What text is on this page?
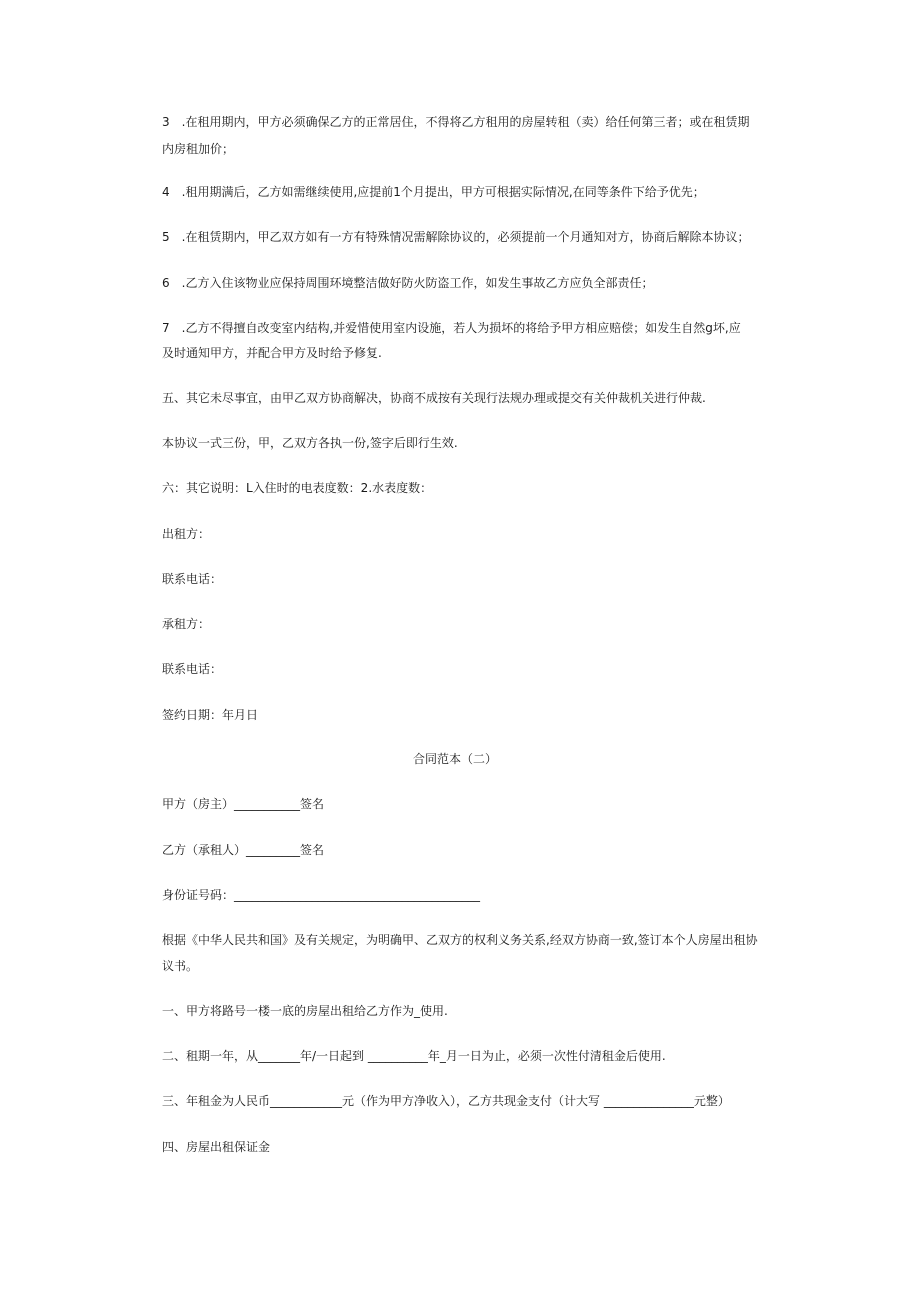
3　.在租用期内，甲方必须确保乙方的正常居住，不得将乙方租用的房屋转租（卖）给任何第三者；或在租赁期
内房租加价；
4　.租用期满后，乙方如需继续使用,应提前1个月提出，甲方可根据实际情况,在同等条件下给予优先；
5　.在租赁期内，甲乙双方如有一方有特殊情况需解除协议的，必须提前一个月通知对方，协商后解除本协议；
6　.乙方入住该物业应保持周围环境整洁做好防火防盗工作，如发生事故乙方应负全部责任；
7　.乙方不得擅自改变室内结构,并爱惜使用室内设施，若人为损坏的将给予甲方相应赔偿；如发生自然g坏,应
及时通知甲方，并配合甲方及时给予修复.
五、其它未尽事宜，由甲乙双方协商解决，协商不成按有关现行法规办理或提交有关仲裁机关进行仲裁.
本协议一式三份，甲，乙双方各执一份,签字后即行生效.
六：其它说明：L入住时的电表度数：2.水表度数：
出租方：
联系电话：
承租方：
联系电话：
签约日期：年月日
合同范本（二）
甲方（房主）___________签名
乙方（承租人）_________签名
身份证号码：_________________________________________
根据《中华人民共和国》及有关规定，为明确甲、乙双方的权利义务关系,经双方协商一致,签订本个人房屋出租协
议书。
一、甲方将路号一楼一底的房屋出租给乙方作为_使用.
二、租期一年，从_______年/一日起到 __________年_月一日为止，必须一次性付清租金后使用.
三、年租金为人民币____________元（作为甲方净收入），乙方共现金支付（计大写 _______________元整）
四、房屋出租保证金
